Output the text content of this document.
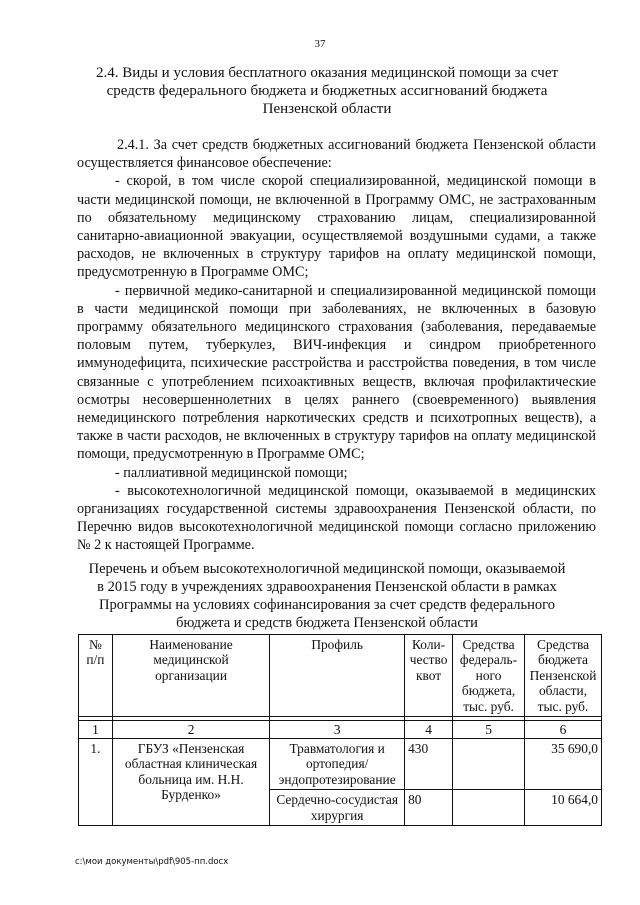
37
2.4. Виды и условия бесплатного оказания медицинской помощи за счет средств федерального бюджета и бюджетных ассигнований бюджета Пензенской области

2.4.1. За счет средств бюджетных ассигнований бюджета Пензенской области осуществляется финансовое обеспечение:

- скорой, в том числе скорой специализированной, медицинской помощи в части медицинской помощи, не включенной в Программу ОМС, не застрахованным по обязательному медицинскому страхованию лицам, специализированной санитарно-авиационной эвакуации, осуществляемой воздушными судами, а также расходов, не включенных в структуру тарифов на оплату медицинской помощи, предусмотренную в Программе ОМС;

- первичной медико-санитарной и специализированной медицинской помощи в части медицинской помощи при заболеваниях, не включенных в базовую программу обязательного медицинского страхования (заболевания, передаваемые половым путем, туберкулез, ВИЧ-инфекция и синдром приобретенного иммунодефицита, психические расстройства и расстройства поведения, в том числе связанные с употреблением психоактивных веществ, включая профилактические осмотры несовершеннолетних в целях раннего (своевременного) выявления немедицинского потребления наркотических средств и психотропных веществ), а также в части расходов, не включенных в структуру тарифов на оплату медицинской помощи, предусмотренную в Программе ОМС;

- паллиативной медицинской помощи;

- высокотехнологичной медицинской помощи, оказываемой в медицинских организациях государственной системы здравоохранения Пензенской области, по Перечню видов высокотехнологичной медицинской помощи согласно приложению № 2 к настоящей Программе.

Перечень и объем высокотехнологичной медицинской помощи, оказываемой в 2015 году в учреждениях здравоохранения Пензенской области в рамках Программы на условиях софинансирования за счет средств федерального бюджета и средств бюджета Пензенской области
№ п/п	Наименование медицинской организации	Профиль	Количество квот	Средства федерального бюджета, тыс. руб.	Средства бюджета Пензенской области, тыс. руб.

1	2	3	4	5	6
1.	ГБУЗ «Пензенская областная клиническая больница им. Н.Н. Бурденко»	Травматология и ортопедия/ эндопротезирование	430		35 690,0
		Сердечно-сосудистая хирургия	80		10 664,0
c:\мои документы\pdf\905-пп.docx
